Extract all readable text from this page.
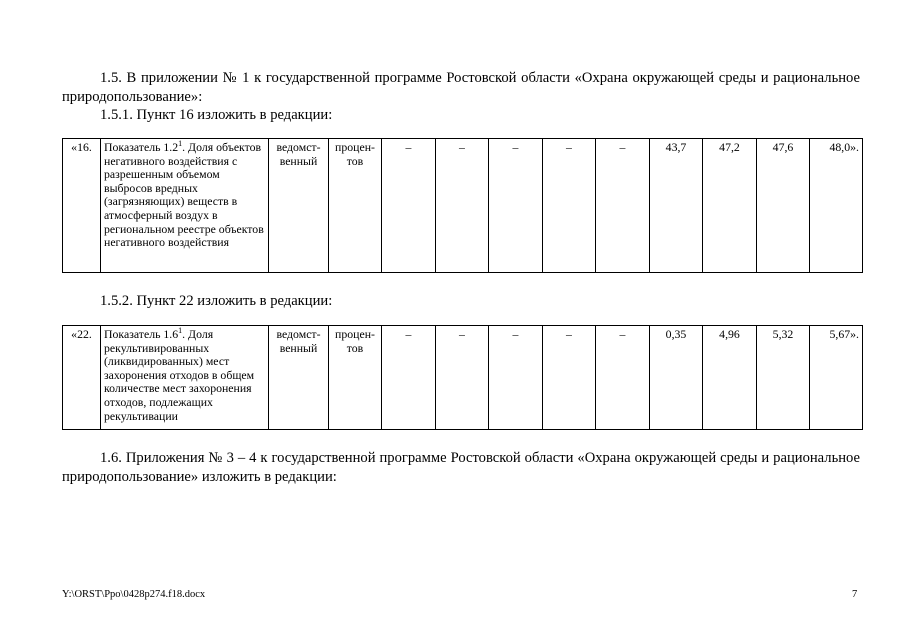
1.5. В приложении № 1 к государственной программе Ростовской области «Охрана окружающей среды и рациональное природопользование»:
1.5.1. Пункт 16 изложить в редакции:
«16.	Показатель $1.2^1$. Доля объектов негативного воздействия с разрешенным объемом выбросов вредных (загрязняющих) веществ в атмосферный воздух в региональном реестре объектов негативного воздействия	ведомст-венный	процен-тов	–	–	–	–	–	43,7	47,2	47,6	48,0».
1.5.2. Пункт 22 изложить в редакции:
«22.	Показатель $1.6^1$. Доля рекультивированных (ликвидированных) мест захоронения отходов в общем количестве мест захоронения отходов, подлежащих рекультивации	ведомст-венный	процен-тов	–	–	–	–	–	0,35	4,96	5,32	5,67».
1.6. Приложения № 3 – 4 к государственной программе Ростовской области «Охрана окружающей среды и рациональное природопользование» изложить в редакции:
Y:\ORST\Ppo\0428p274.f18.docx	7
